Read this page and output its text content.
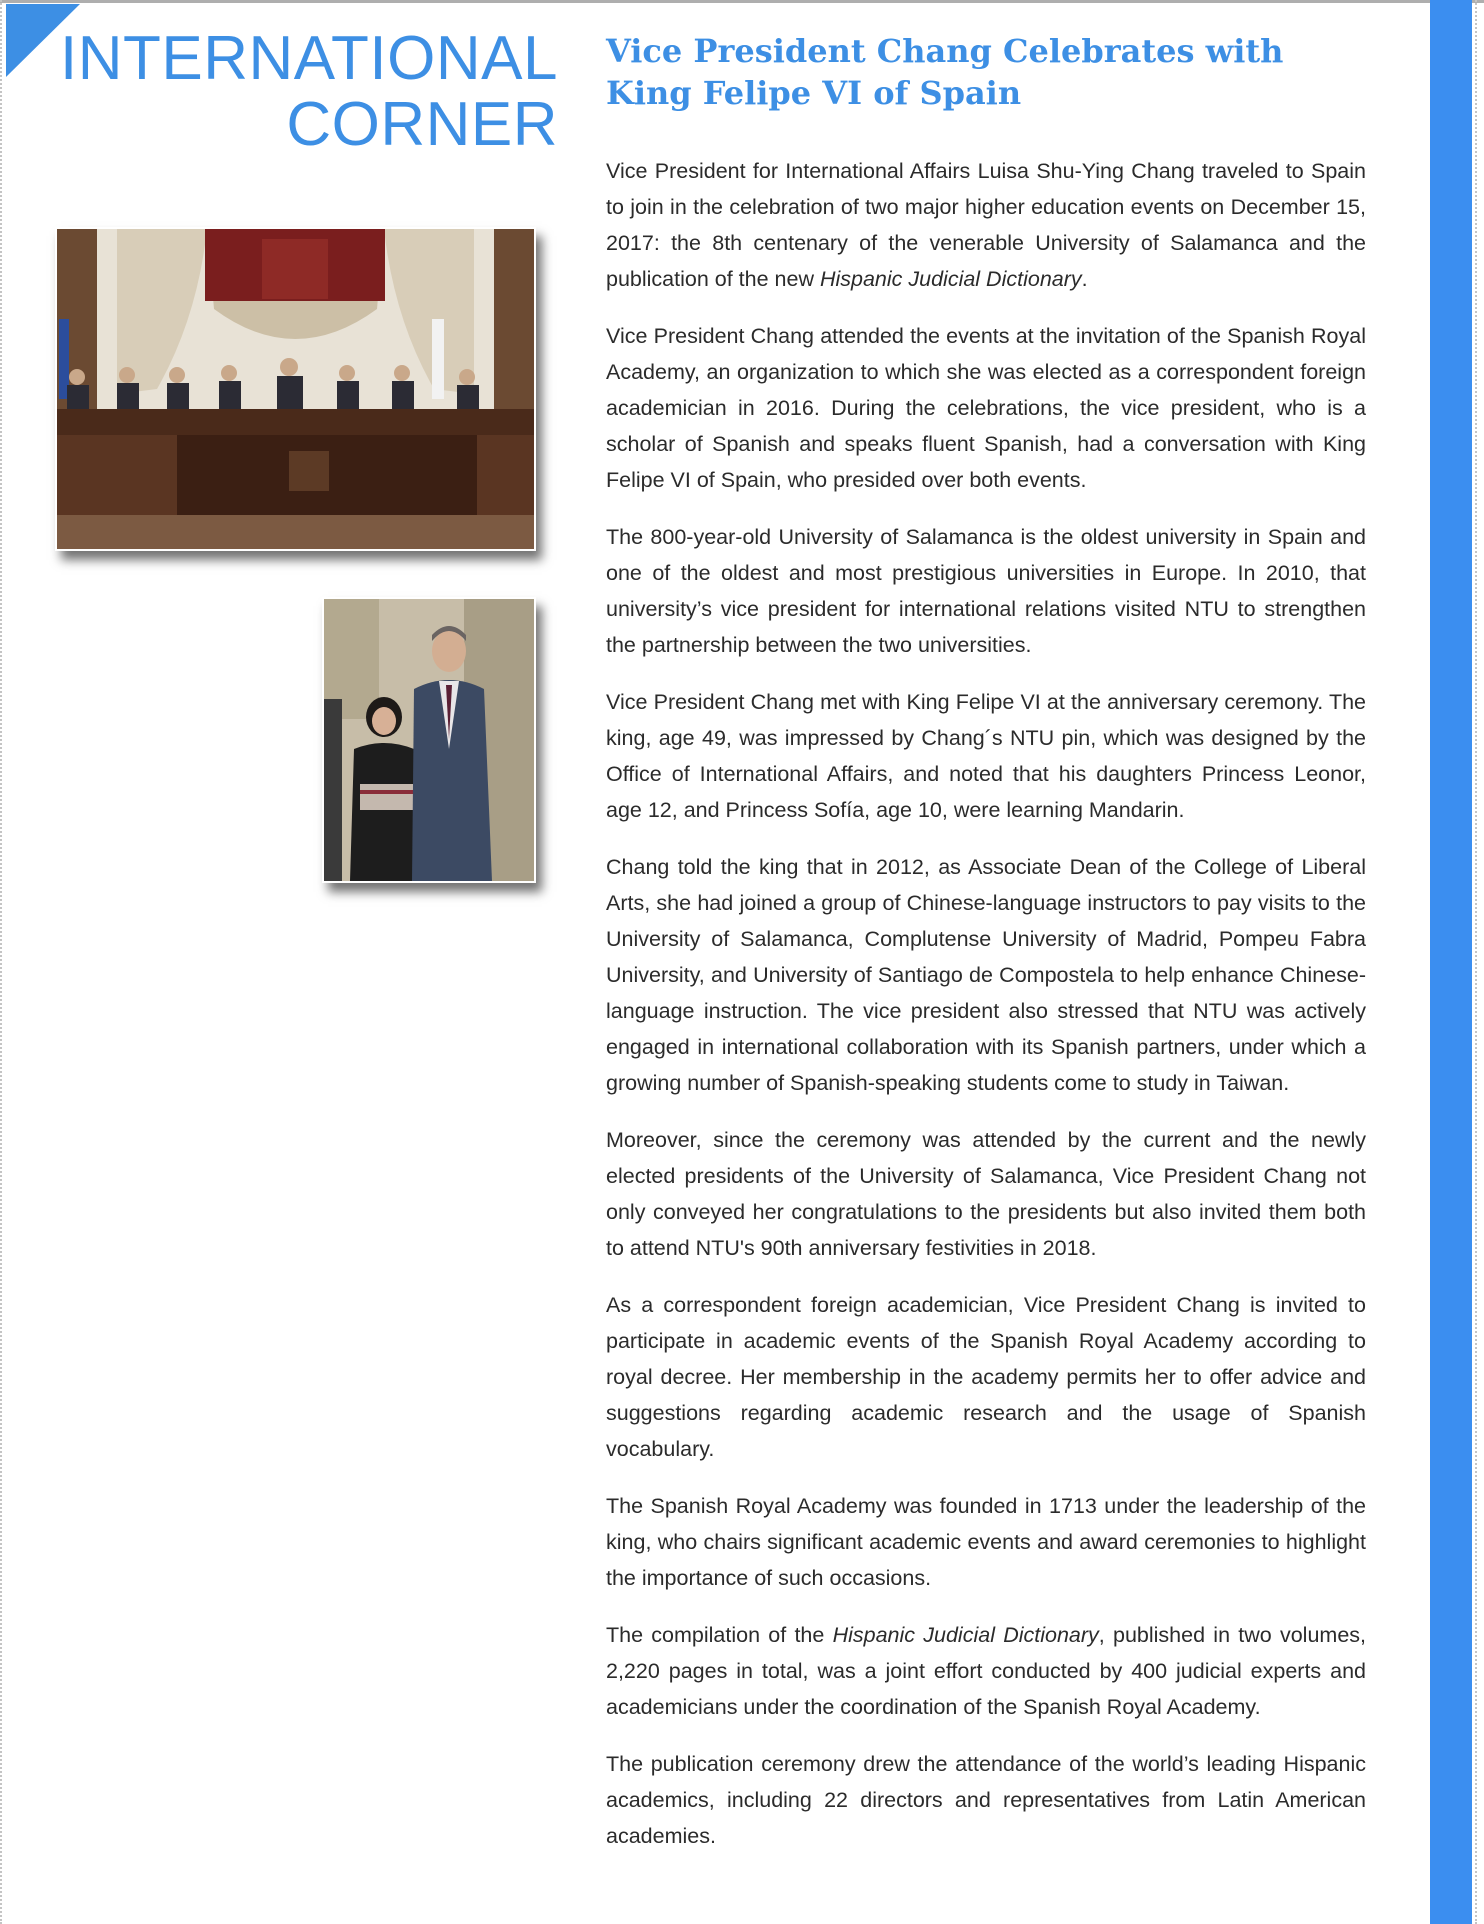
INTERNATIONAL
CORNER
Vice President Chang Celebrates with King Felipe VI of Spain

Vice President for International Affairs Luisa Shu-Ying Chang traveled to Spain to join in the celebration of two major higher education events on December 15, 2017: the 8th centenary of the venerable University of Salamanca and the publication of the new Hispanic Judicial Dictionary.

Vice President Chang attended the events at the invitation of the Spanish Royal Academy, an organization to which she was elected as a correspondent foreign academician in 2016. During the celebrations, the vice president, who is a scholar of Spanish and speaks fluent Spanish, had a conversation with King Felipe VI of Spain, who presided over both events.

The 800-year-old University of Salamanca is the oldest university in Spain and one of the oldest and most prestigious universities in Europe. In 2010, that university’s vice president for international relations visited NTU to strengthen the partnership between the two universities.

Vice President Chang met with King Felipe VI at the anniversary ceremony. The king, age 49, was impressed by Chang´s NTU pin, which was designed by the Office of International Affairs, and noted that his daughters Princess Leonor, age 12, and Princess Sofía, age 10, were learning Mandarin.

Chang told the king that in 2012, as Associate Dean of the College of Liberal Arts, she had joined a group of Chinese-language instructors to pay visits to the University of Salamanca, Complutense University of Madrid, Pompeu Fabra University, and University of Santiago de Compostela to help enhance Chinese-language instruction. The vice president also stressed that NTU was actively engaged in international collaboration with its Spanish partners, under which a growing number of Spanish-speaking students come to study in Taiwan.

Moreover, since the ceremony was attended by the current and the newly elected presidents of the University of Salamanca, Vice President Chang not only conveyed her congratulations to the presidents but also invited them both to attend NTU's 90th anniversary festivities in 2018.

As a correspondent foreign academician, Vice President Chang is invited to participate in academic events of the Spanish Royal Academy according to royal decree. Her membership in the academy permits her to offer advice and suggestions regarding academic research and the usage of Spanish vocabulary.

The Spanish Royal Academy was founded in 1713 under the leadership of the king, who chairs significant academic events and award ceremonies to highlight the importance of such occasions.

The compilation of the Hispanic Judicial Dictionary, published in two volumes, 2,220 pages in total, was a joint effort conducted by 400 judicial experts and academicians under the coordination of the Spanish Royal Academy.

The publication ceremony drew the attendance of the world’s leading Hispanic academics, including 22 directors and representatives from Latin American academies.
